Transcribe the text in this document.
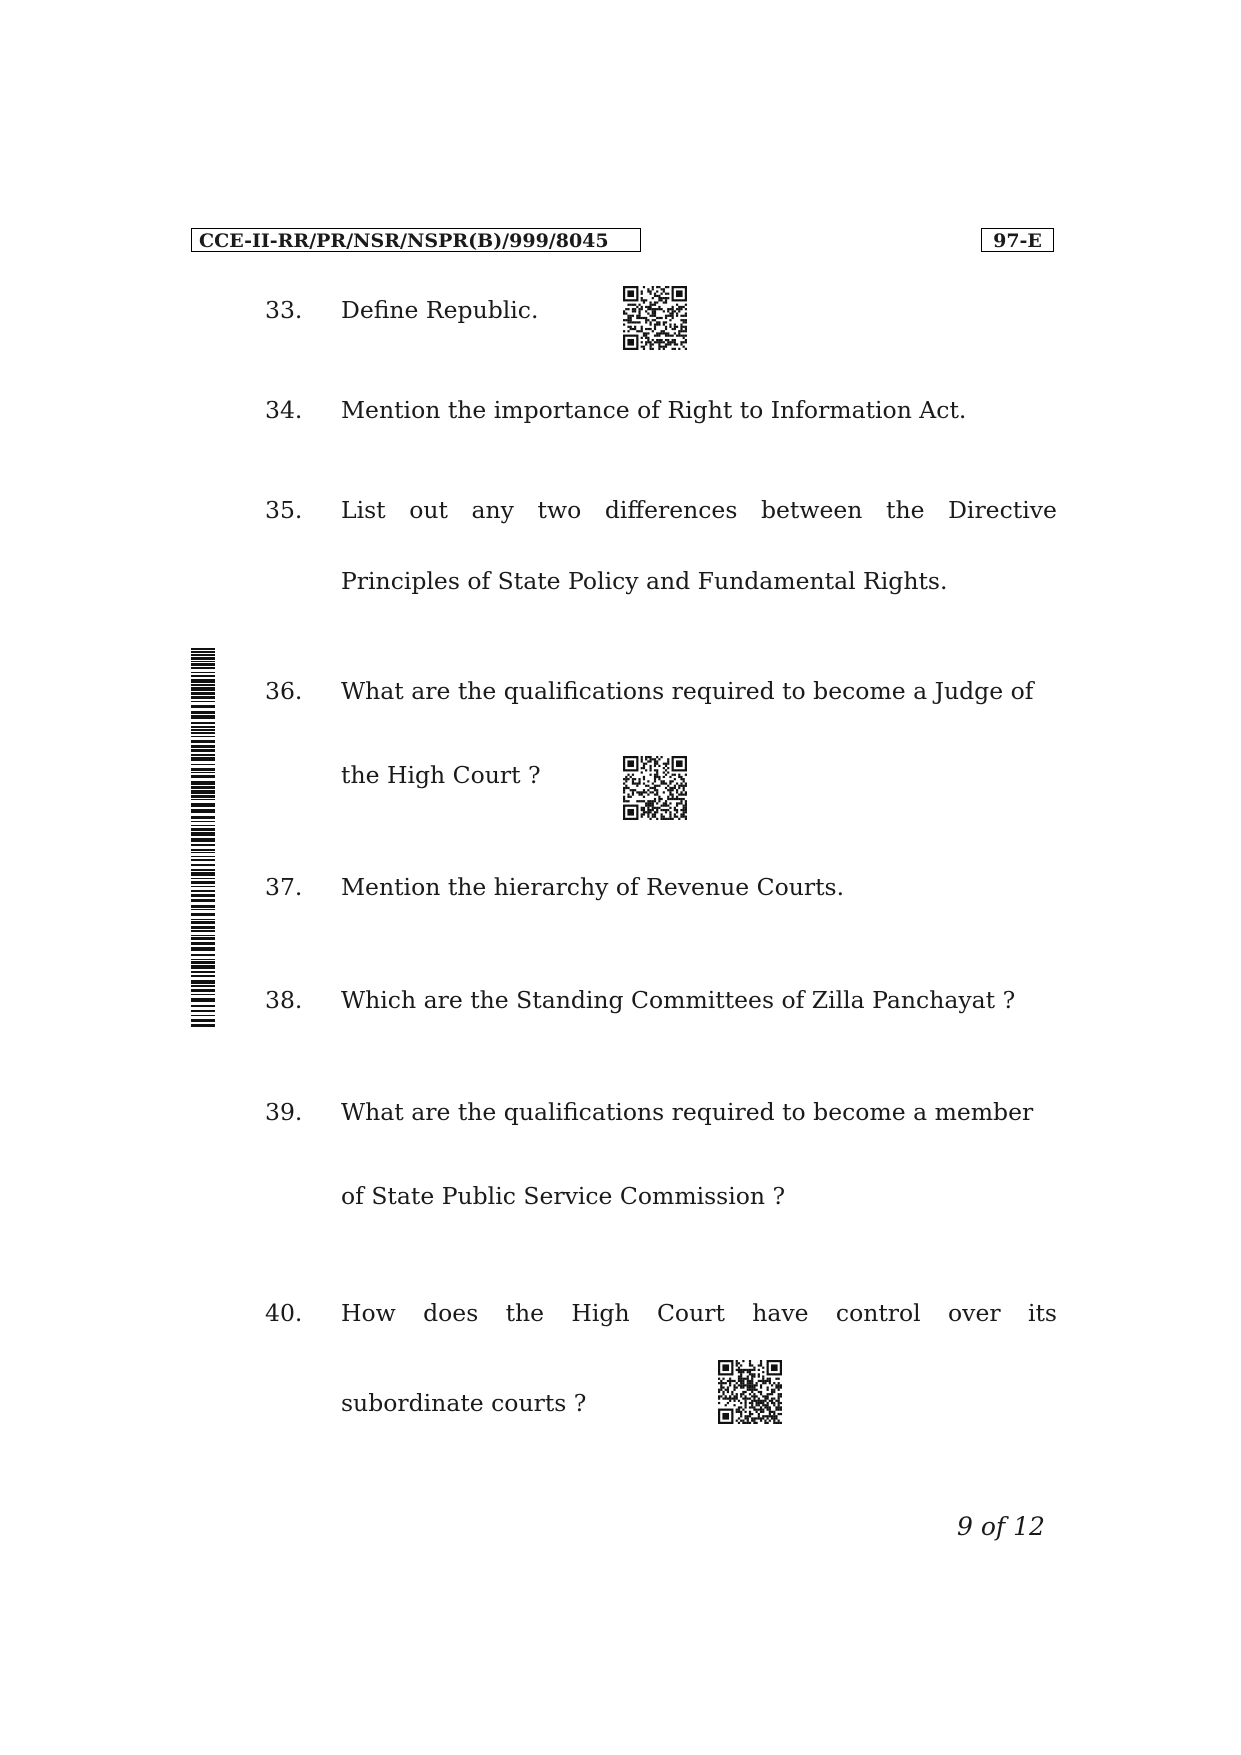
CCE-II-RR/PR/NSR/NSPR(B)/999/8045	97-E
33. Define Republic.
34. Mention the importance of Right to Information Act.
35. List out any two differences between the Directive
Principles of State Policy and Fundamental Rights.
36. What are the qualifications required to become a Judge of
the High Court ?
37. Mention the hierarchy of Revenue Courts.
38. Which are the Standing Committees of Zilla Panchayat ?
39. What are the qualifications required to become a member
of State Public Service Commission ?
40. How does the High Court have control over its
subordinate courts ?
9 of 12
